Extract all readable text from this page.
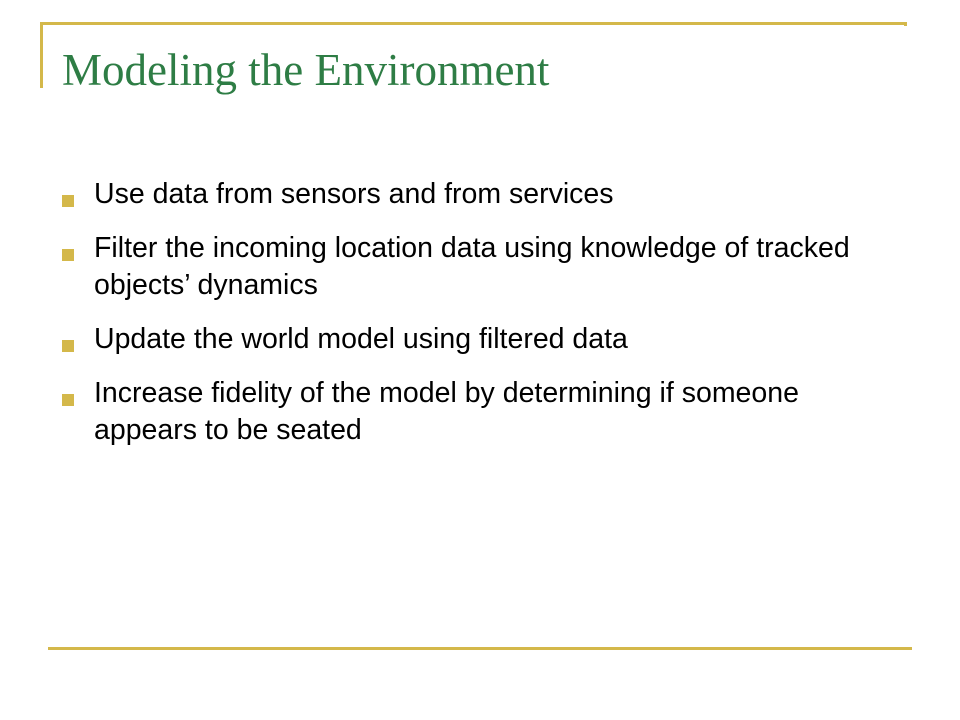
Modeling the Environment
Use data from sensors and from services
Filter the incoming location data using knowledge of tracked objects’ dynamics
Update the world model using filtered data
Increase fidelity of the model by determining if someone appears to be seated
